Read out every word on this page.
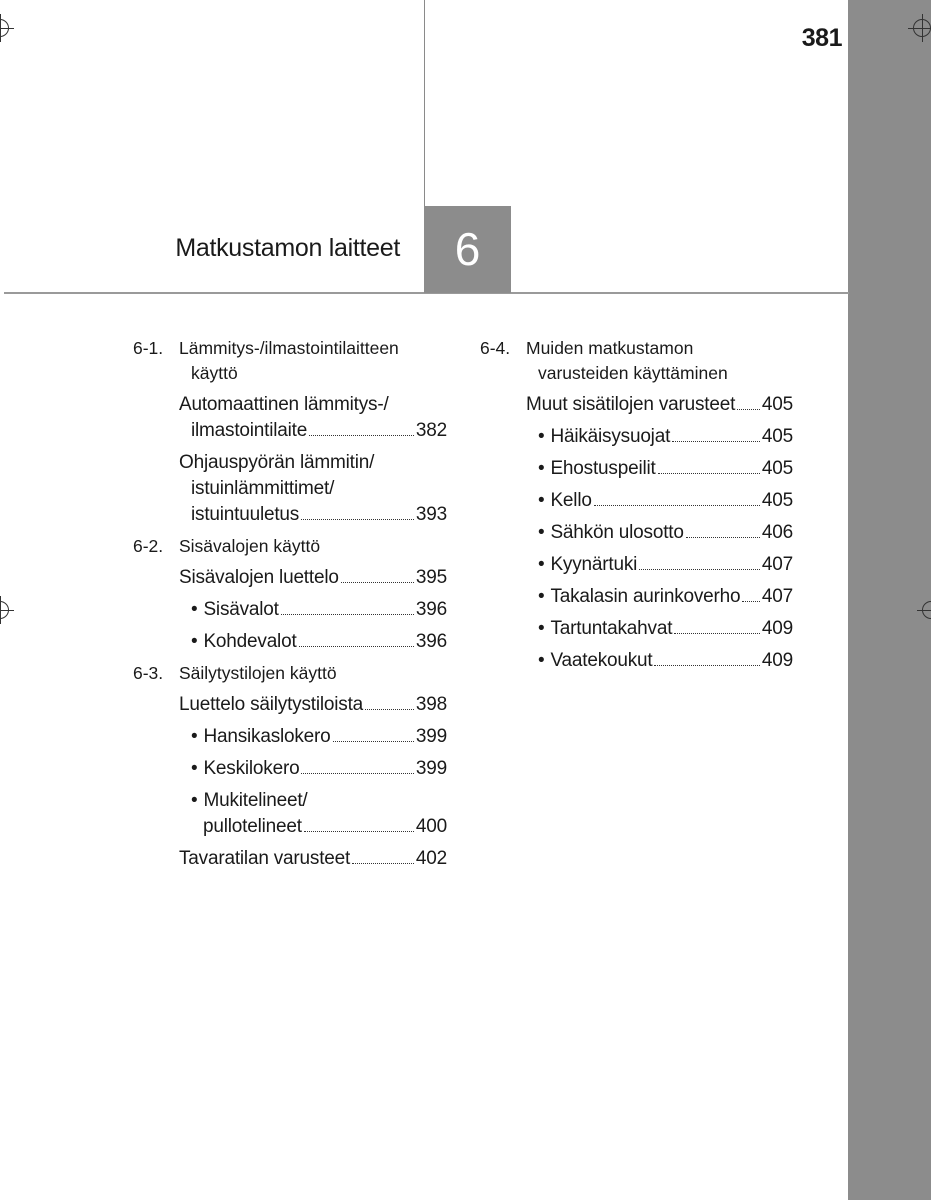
381
Matkustamon laitteet	6
6-1. Lämmitys-/ilmastointilaitteen
käyttö
Automaattinen lämmitys-/
ilmastointilaite	382
Ohjauspyörän lämmitin/
istuinlämmittimet/
istuintuuletus	393
6-2. Sisävalojen käyttö
Sisävalojen luettelo	395
• Sisävalot	396
• Kohdevalot	396
6-3. Säilytystilojen käyttö
Luettelo säilytystiloista	398
• Hansikaslokero	399
• Keskilokero	399
• Mukitelineet/
pullotelineet	400
Tavaratilan varusteet	402
6-4. Muiden matkustamon
varusteiden käyttäminen
Muut sisätilojen varusteet 405
• Häikäisysuojat	405
• Ehostuspeilit	405
• Kello	405
• Sähkön ulosotto	406
• Kyynärtuki	407
• Takalasin aurinkoverho 407
• Tartuntakahvat	409
• Vaatekoukut	409
